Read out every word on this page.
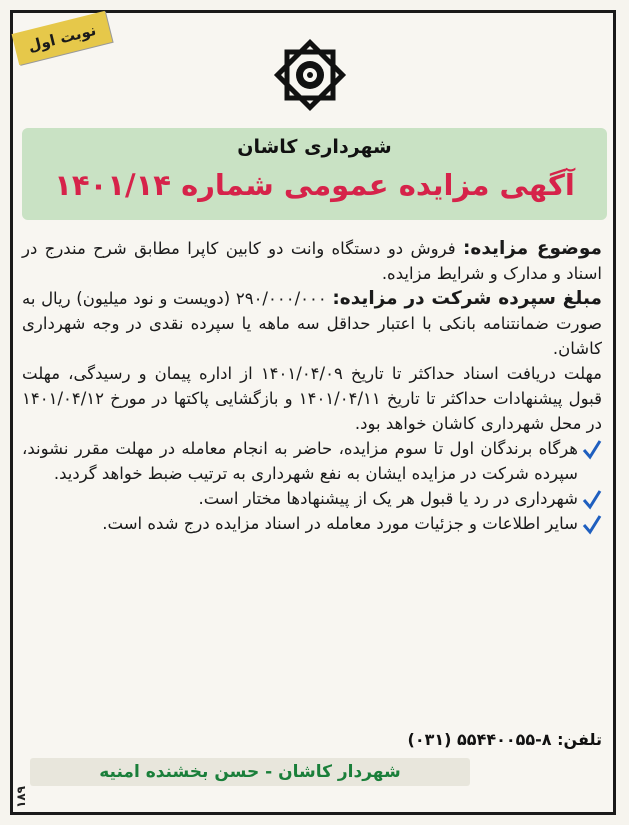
نوبت اول
شهرداری کاشان
آگهی مزایده عمومی شماره ۱۴۰۱/۱۴

موضوع مزایده: فروش دو دستگاه وانت دو کابین کاپرا مطابق شرح مندرج در اسناد و مدارک و شرایط مزایده.

مبلغ سپرده شرکت در مزایده: ۲۹۰/۰۰۰/۰۰۰ (دویست و نود میلیون) ریال به صورت ضمانتنامه بانکی با اعتبار حداقل سه ماهه یا سپرده نقدی در وجه شهرداری کاشان.

مهلت دریافت اسناد حداکثر تا تاریخ ۱۴۰۱/۰۴/۰۹ از اداره پیمان و رسیدگی، مهلت قبول پیشنهادات حداکثر تا تاریخ ۱۴۰۱/۰۴/۱۱ و بازگشایی پاکتها در مورخ ۱۴۰۱/۰۴/۱۲ در محل شهرداری کاشان خواهد بود.

هرگاه برندگان اول تا سوم مزایده، حاضر به انجام معامله در مهلت مقرر نشوند، سپرده شرکت در مزایده ایشان به نفع شهرداری به ترتیب ضبط خواهد گردید.
شهرداری در رد یا قبول هر یک از پیشنهادها مختار است.
سایر اطلاعات و جزئیات مورد معامله در اسناد مزایده درج شده است.
تلفن: ۸-۵۵۴۴۰۰۵۵ (۰۳۱)
شهردار کاشان - حسن بخشنده امنیه
۱۸۹
